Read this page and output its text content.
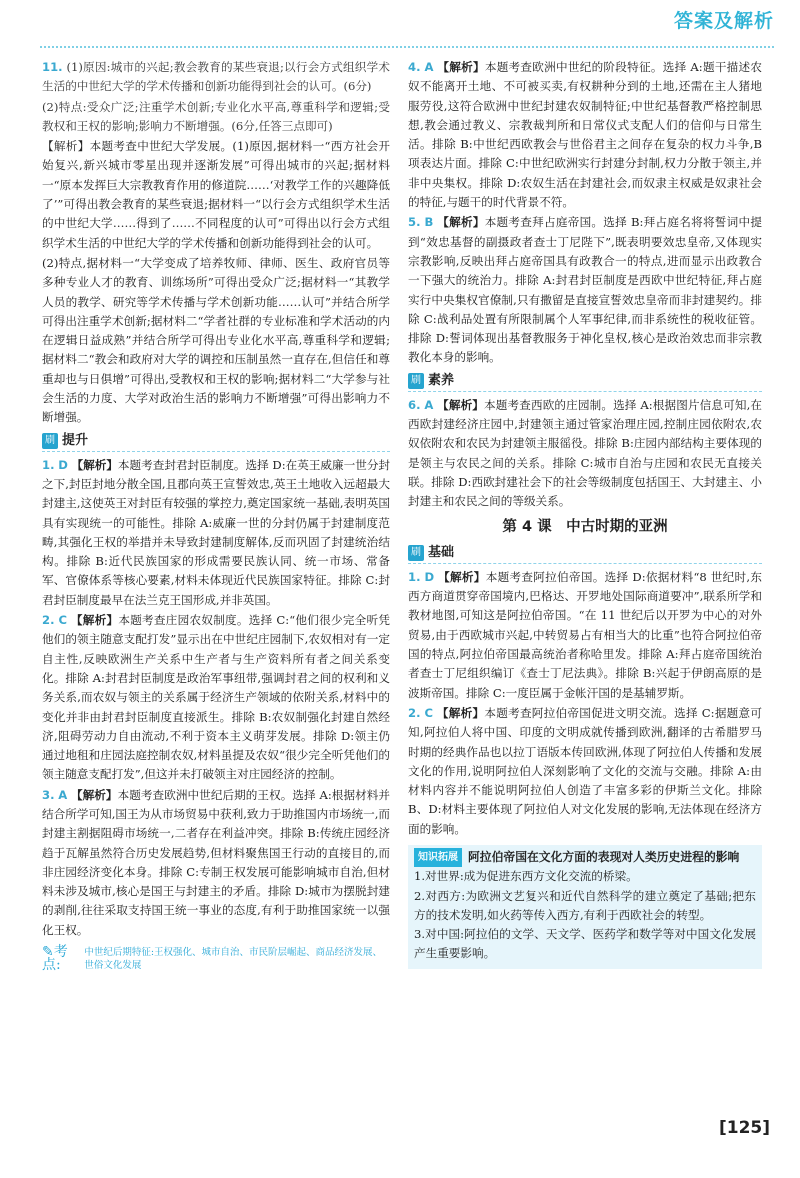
答案及解析

11. (1)原因:城市的兴起;教会教育的某些衰退;以行会方式组织学术生活的中世纪大学的学术传播和创新功能得到社会的认可。(6分)

(2)特点:受众广泛;注重学术创新;专业化水平高,尊重科学和逻辑;受教权和王权的影响;影响力不断增强。(6分,任答三点即可)

【解析】本题考查中世纪大学发展。(1)原因,据材料一“西方社会开始复兴,新兴城市零星出现并逐渐发展”可得出城市的兴起;据材料一“原本发挥巨大宗教教育作用的修道院……‘对教学工作的兴趣降低了’”可得出教会教育的某些衰退;据材料一“以行会方式组织学术生活的中世纪大学……得到了……不同程度的认可”可得出以行会方式组织学术生活的中世纪大学的学术传播和创新功能得到社会的认可。

(2)特点,据材料一“大学变成了培养牧师、律师、医生、政府官员等多种专业人才的教育、训练场所”可得出受众广泛;据材料一“其教学人员的教学、研究等学术传播与学术创新功能……认可”并结合所学可得出注重学术创新;据材料二“学者社群的专业标准和学术活动的内在逻辑日益成熟”并结合所学可得出专业化水平高,尊重科学和逻辑;据材料二“教会和政府对大学的调控和压制虽然一直存在,但信任和尊重却也与日俱增”可得出,受教权和王权的影响;据材料二“大学参与社会生活的力度、大学对政治生活的影响力不断增强”可得出影响力不断增强。

刷 提升

1. D 【解析】本题考查封君封臣制度。选择 D:在英王威廉一世分封之下,封臣封地分散全国,且郡向英王宣誓效忠,英王土地收入远超最大封建主,这使英王对封臣有较强的掌控力,奠定国家统一基础,表明英国具有实现统一的可能性。排除 A:威廉一世的分封仍属于封建制度范畴,其强化王权的举措并未导致封建制度解体,反而巩固了封建统治结构。排除 B:近代民族国家的形成需要民族认同、统一市场、常备军、官僚体系等核心要素,材料未体现近代民族国家特征。排除 C:封君封臣制度最早在法兰克王国形成,并非英国。

2. C 【解析】本题考查庄园农奴制度。选择 C:“他们很少完全听凭他们的领主随意支配打发”显示出在中世纪庄园制下,农奴相对有一定自主性,反映欧洲生产关系中生产者与生产资料所有者之间关系变化。排除 A:封君封臣制度是政治军事纽带,强调封君之间的权利和义务关系,而农奴与领主的关系属于经济生产领域的依附关系,材料中的变化并非由封君封臣制度直接派生。排除 B:农奴制强化封建自然经济,阻碍劳动力自由流动,不利于资本主义萌芽发展。排除 D:领主仍通过地租和庄园法庭控制农奴,材料虽提及农奴“很少完全听凭他们的领主随意支配打发”,但这并未打破领主对庄园经济的控制。

3. A 【解析】本题考查欧洲中世纪后期的王权。选择 A:根据材料并结合所学可知,国王为从市场贸易中获利,致力于助推国内市场统一,而封建主割据阻碍市场统一,二者存在利益冲突。排除 B:传统庄园经济趋于瓦解虽然符合历史发展趋势,但材料聚焦国王行动的直接目的,而非庄园经济变化本身。排除 C:专制王权发展可能影响城市自治,但材料未涉及城市,核心是国王与封建主的矛盾。排除 D:城市为摆脱封建的剥削,往往采取支持国王统一事业的态度,有利于助推国家统一以强化王权。

✎考点:
中世纪后期特征:王权强化、城市自治、市民阶层崛起、商品经济发展、世俗文化发展

4. A 【解析】本题考查欧洲中世纪的阶段特征。选择 A:题干描述农奴不能离开土地、不可被买卖,有权耕种分到的土地,还需在主人猪地服劳役,这符合欧洲中世纪封建农奴制特征;中世纪基督教严格控制思想,教会通过教义、宗教裁判所和日常仪式支配人们的信仰与日常生活。排除 B:中世纪西欧教会与世俗君主之间存在复杂的权力斗争,B 项表达片面。排除 C:中世纪欧洲实行封建分封制,权力分散于领主,并非中央集权。排除 D:农奴生活在封建社会,而奴隶主权威是奴隶社会的特征,与题干的时代背景不符。

5. B 【解析】本题考查拜占庭帝国。选择 B:拜占庭名将将誓词中提到“效忠基督的副摄政者查士丁尼陛下”,既表明要效忠皇帝,又体现实宗教影响,反映出拜占庭帝国具有政教合一的特点,进而显示出政教合一下强大的统治力。排除 A:封君封臣制度是西欧中世纪特征,拜占庭实行中央集权官僚制,只有撒留是直接宣誓效忠皇帝而非封建契约。排除 C:战利品处置有所限制属个人军事纪律,而非系统性的税收征管。排除 D:誓词体现出基督教服务于神化皇权,核心是政治效忠而非宗教教化本身的影响。

刷 素养

6. A 【解析】本题考查西欧的庄园制。选择 A:根据图片信息可知,在西欧封建经济庄园中,封建领主通过管家治理庄园,控制庄园依附农,农奴依附农和农民为封建领主服徭役。排除 B:庄园内部结构主要体现的是领主与农民之间的关系。排除 C:城市自治与庄园和农民无直接关联。排除 D:西欧封建社会下的社会等级制度包括国王、大封建主、小封建主和农民之间的等级关系。

第 4 课　中古时期的亚洲
刷 基础

1. D 【解析】本题考查阿拉伯帝国。选择 D:依据材料“8 世纪时,东西方商道贯穿帝国境内,巴格达、开罗地处国际商道要冲”,联系所学和教材地图,可知这是阿拉伯帝国。“在 11 世纪后以开罗为中心的对外贸易,由于西欧城市兴起,中转贸易占有相当大的比重”也符合阿拉伯帝国的特点,阿拉伯帝国最高统治者称哈里发。排除 A:拜占庭帝国统治者查士丁尼组织编订《查士丁尼法典》。排除 B:兴起于伊朗高原的是波斯帝国。排除 C:一度臣属于金帐汗国的是基辅罗斯。

2. C 【解析】本题考查阿拉伯帝国促进文明交流。选择 C:据题意可知,阿拉伯人将中国、印度的文明成就传播到欧洲,翻译的古希腊罗马时期的经典作品也以拉丁语版本传回欧洲,体现了阿拉伯人传播和发展文化的作用,说明阿拉伯人深刻影响了文化的交流与交融。排除 A:由材料内容并不能说明阿拉伯人创造了丰富多彩的伊斯兰文化。排除 B、D:材料主要体现了阿拉伯人对文化发展的影响,无法体现在经济方面的影响。

知识拓展 阿拉伯帝国在文化方面的表现对人类历史进程的影响

1.对世界:成为促进东西方文化交流的桥梁。

2.对西方:为欧洲文艺复兴和近代自然科学的建立奠定了基础;把东方的技术发明,如火药等传入西方,有利于西欧社会的转型。

3.对中国:阿拉伯的文学、天文学、医药学和数学等对中国文化发展产生重要影响。

[125]
